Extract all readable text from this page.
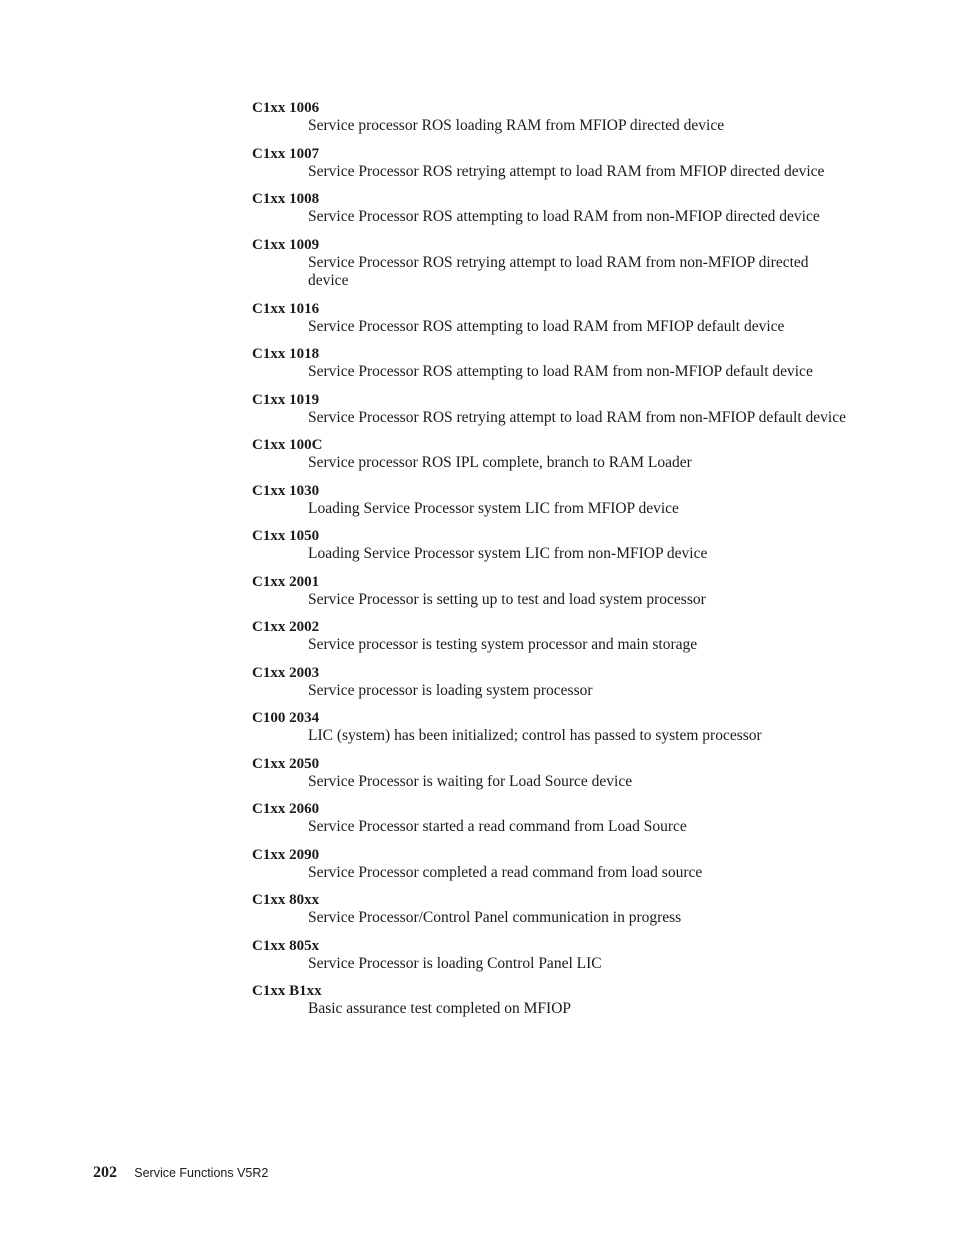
C1xx 1006
Service processor ROS loading RAM from MFIOP directed device
C1xx 1007
Service Processor ROS retrying attempt to load RAM from MFIOP directed device
C1xx 1008
Service Processor ROS attempting to load RAM from non-MFIOP directed device
C1xx 1009
Service Processor ROS retrying attempt to load RAM from non-MFIOP directed device
C1xx 1016
Service Processor ROS attempting to load RAM from MFIOP default device
C1xx 1018
Service Processor ROS attempting to load RAM from non-MFIOP default device
C1xx 1019
Service Processor ROS retrying attempt to load RAM from non-MFIOP default device
C1xx 100C
Service processor ROS IPL complete, branch to RAM Loader
C1xx 1030
Loading Service Processor system LIC from MFIOP device
C1xx 1050
Loading Service Processor system LIC from non-MFIOP device
C1xx 2001
Service Processor is setting up to test and load system processor
C1xx 2002
Service processor is testing system processor and main storage
C1xx 2003
Service processor is loading system processor
C100 2034
LIC (system) has been initialized; control has passed to system processor
C1xx 2050
Service Processor is waiting for Load Source device
C1xx 2060
Service Processor started a read command from Load Source
C1xx 2090
Service Processor completed a read command from load source
C1xx 80xx
Service Processor/Control Panel communication in progress
C1xx 805x
Service Processor is loading Control Panel LIC
C1xx B1xx
Basic assurance test completed on MFIOP
202 Service Functions V5R2
